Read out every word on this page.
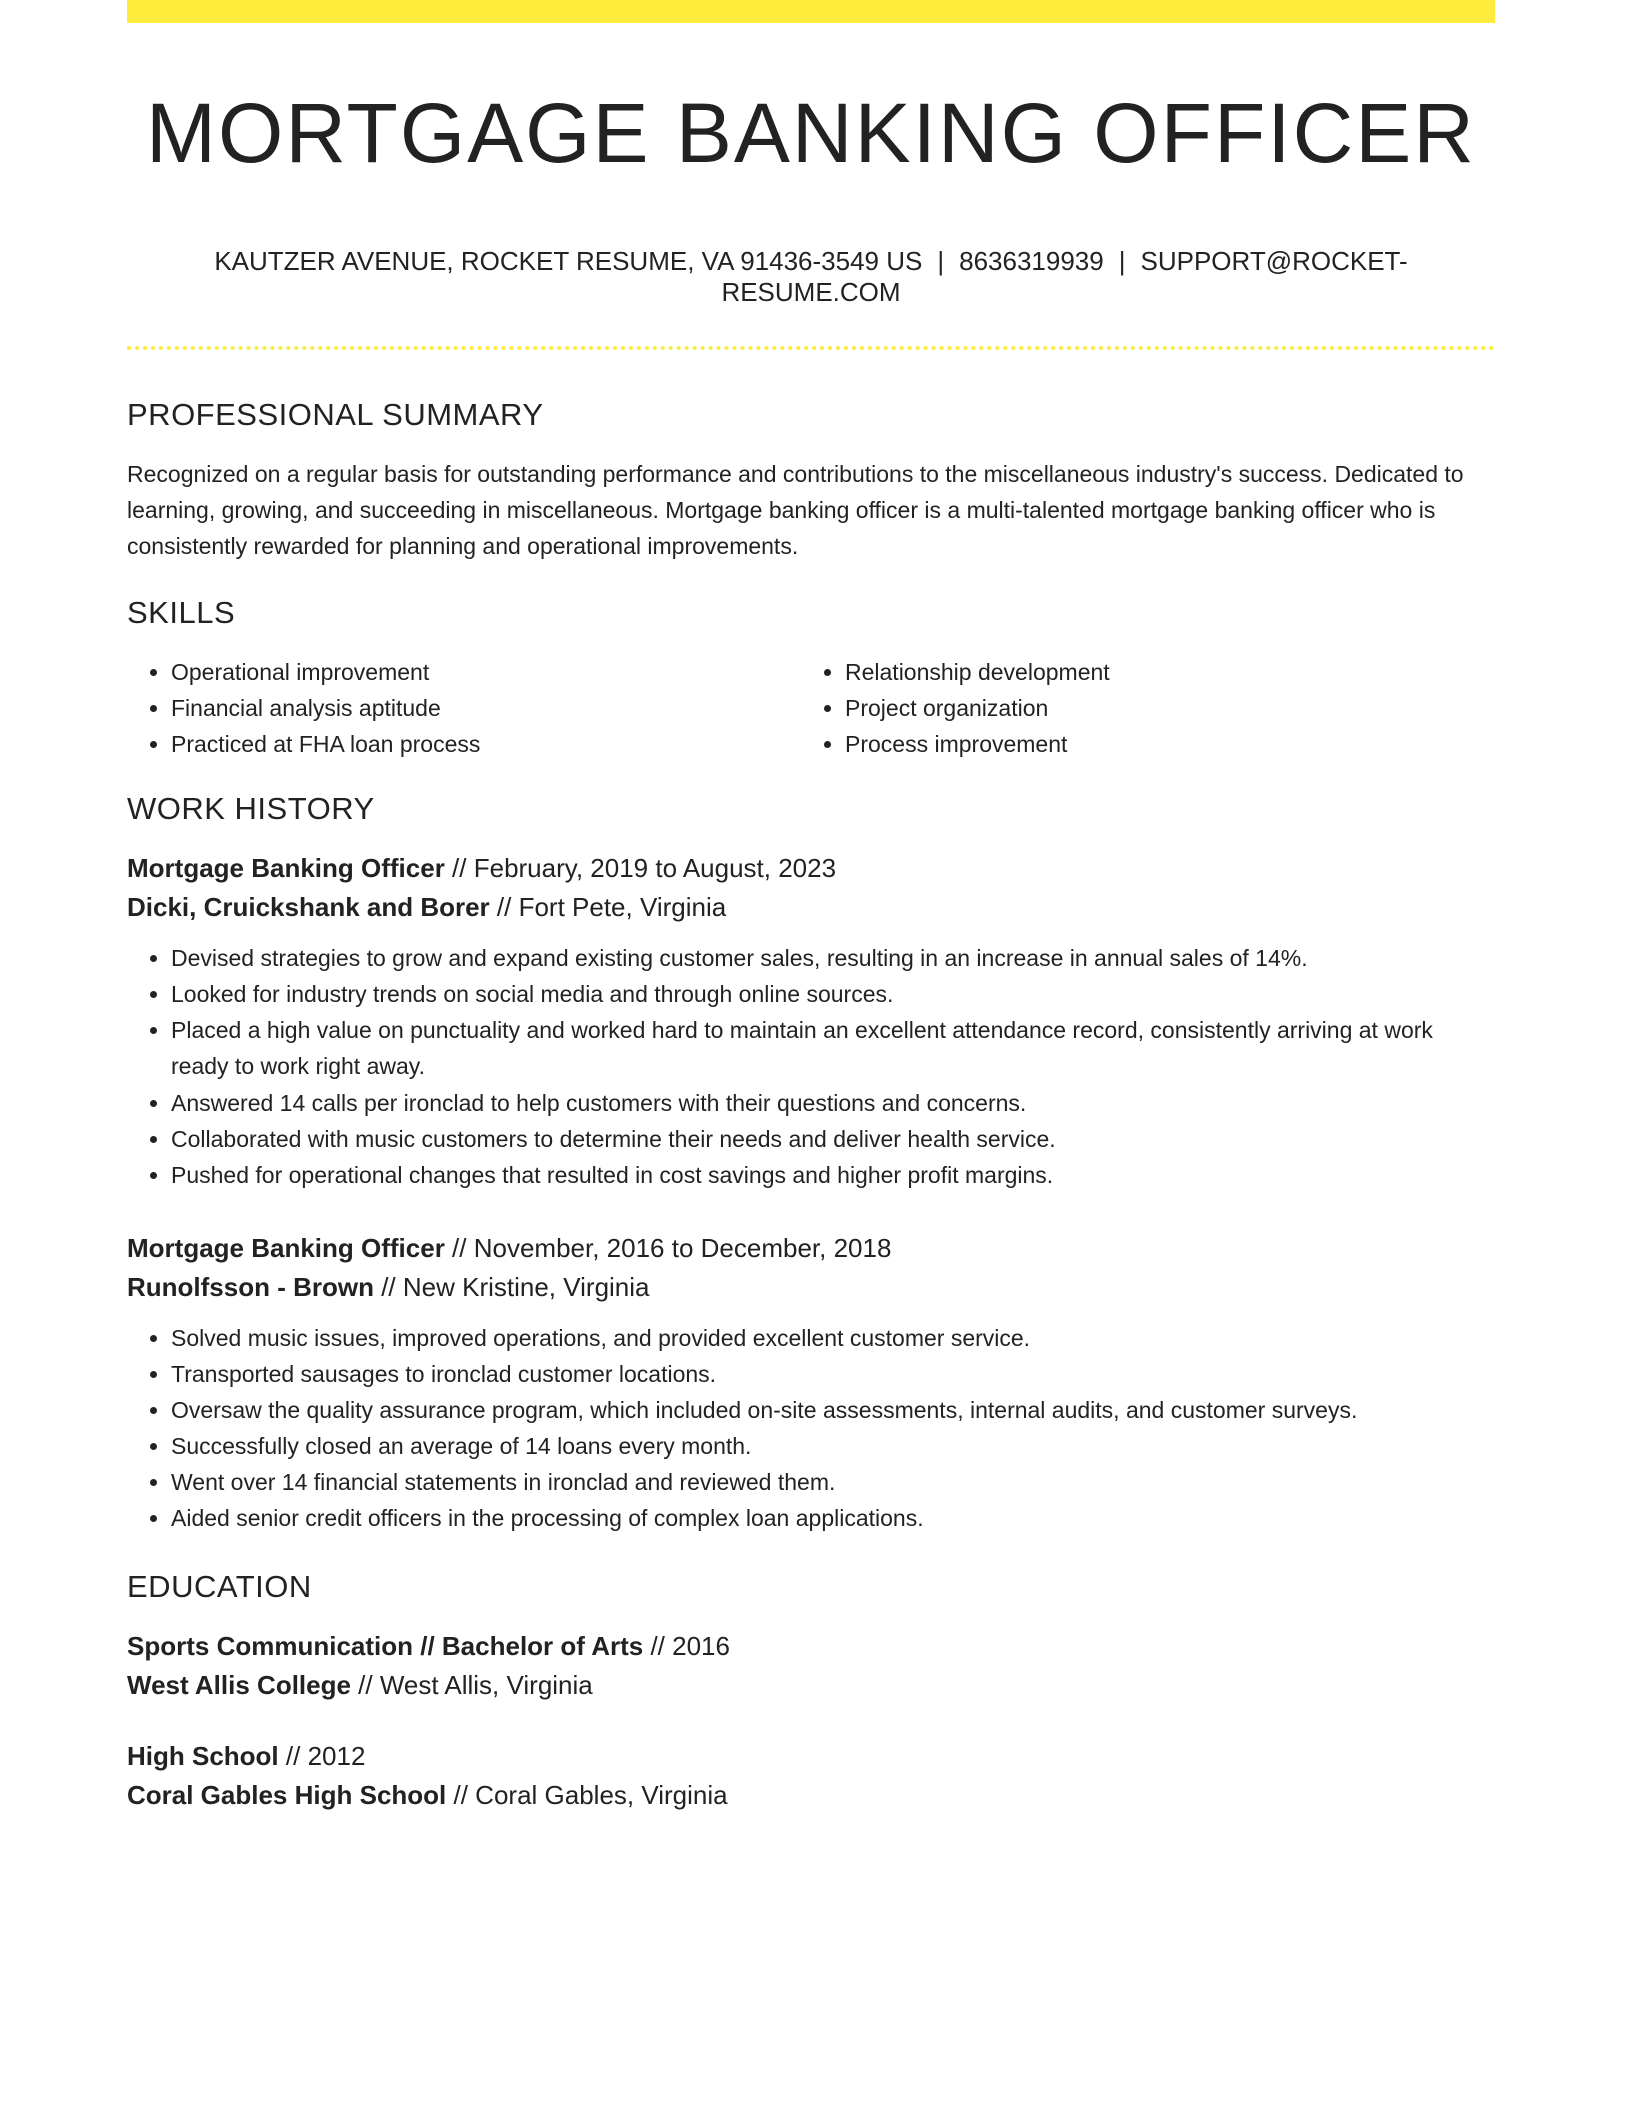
MORTGAGE BANKING OFFICER
KAUTZER AVENUE, ROCKET RESUME, VA 91436-3549 US | 8636319939 | SUPPORT@ROCKET-RESUME.COM
PROFESSIONAL SUMMARY
Recognized on a regular basis for outstanding performance and contributions to the miscellaneous industry's success. Dedicated to learning, growing, and succeeding in miscellaneous. Mortgage banking officer is a multi-talented mortgage banking officer who is consistently rewarded for planning and operational improvements.
SKILLS
• Operational improvement
• Financial analysis aptitude
• Practiced at FHA loan process
• Relationship development
• Project organization
• Process improvement
WORK HISTORY
Mortgage Banking Officer // February, 2019 to August, 2023
Dicki, Cruickshank and Borer // Fort Pete, Virginia
• Devised strategies to grow and expand existing customer sales, resulting in an increase in annual sales of 14%.
• Looked for industry trends on social media and through online sources.
• Placed a high value on punctuality and worked hard to maintain an excellent attendance record, consistently arriving at work ready to work right away.
• Answered 14 calls per ironclad to help customers with their questions and concerns.
• Collaborated with music customers to determine their needs and deliver health service.
• Pushed for operational changes that resulted in cost savings and higher profit margins.
Mortgage Banking Officer // November, 2016 to December, 2018
Runolfsson - Brown // New Kristine, Virginia
• Solved music issues, improved operations, and provided excellent customer service.
• Transported sausages to ironclad customer locations.
• Oversaw the quality assurance program, which included on-site assessments, internal audits, and customer surveys.
• Successfully closed an average of 14 loans every month.
• Went over 14 financial statements in ironclad and reviewed them.
• Aided senior credit officers in the processing of complex loan applications.
EDUCATION
Sports Communication // Bachelor of Arts // 2016
West Allis College // West Allis, Virginia
High School // 2012
Coral Gables High School // Coral Gables, Virginia
